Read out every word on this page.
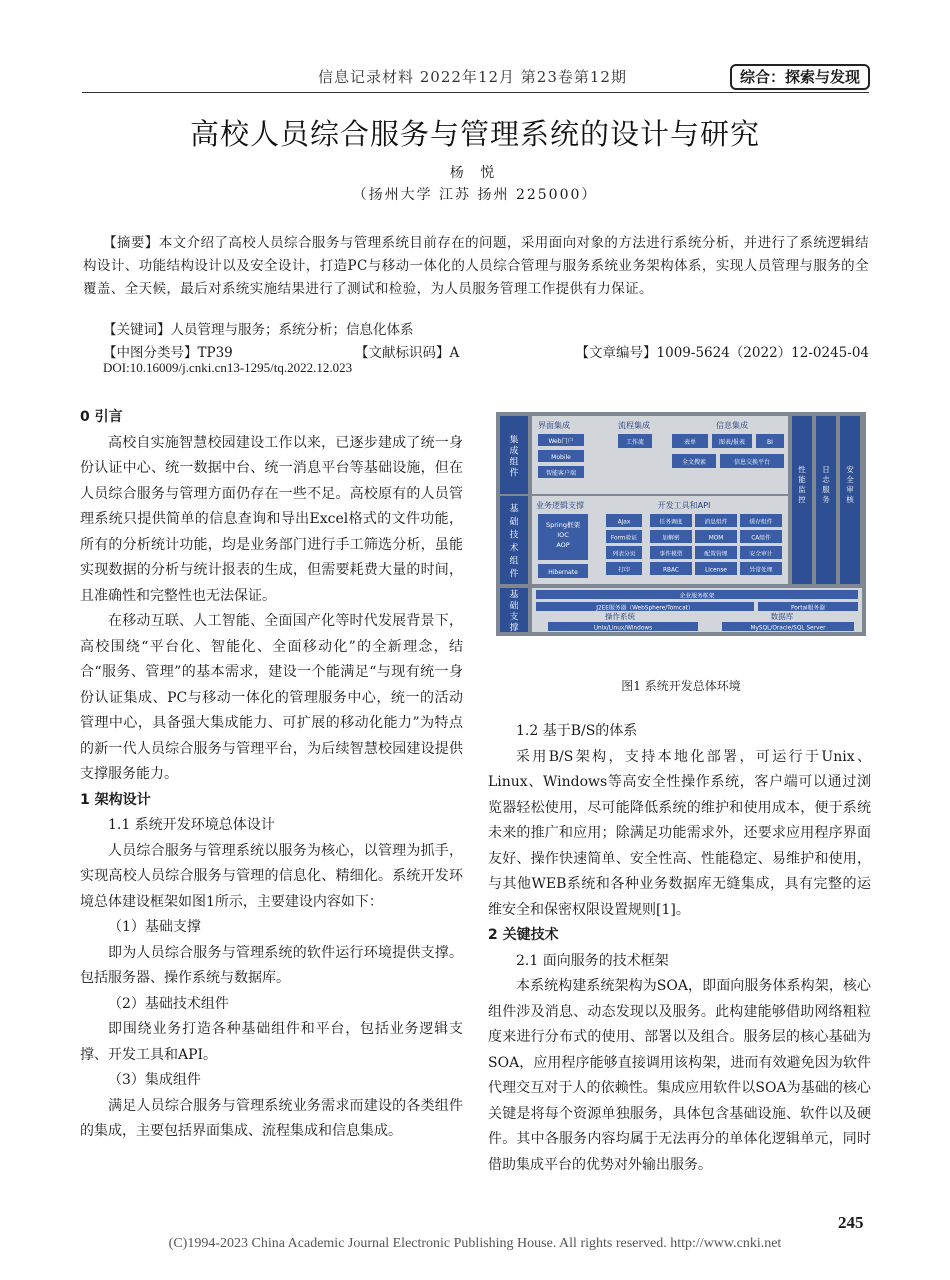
信息记录材料 2022年12月 第23卷第12期	综合：探索与发现
高校人员综合服务与管理系统的设计与研究
杨 悦
（扬州大学 江苏 扬州 225000）
【摘要】本文介绍了高校人员综合服务与管理系统目前存在的问题，采用面向对象的方法进行系统分析，并进行了系统逻辑结构设计、功能结构设计以及安全设计，打造PC与移动一体化的人员综合管理与服务系统业务架构体系，实现人员管理与服务的全覆盖、全天候，最后对系统实施结果进行了测试和检验，为人员服务管理工作提供有力保证。
【关键词】人员管理与服务；系统分析；信息化体系
【中图分类号】TP39	【文献标识码】A	【文章编号】1009-5624（2022）12-0245-04
DOI:10.16009/j.cnki.cn13-1295/tq.2022.12.023

0 引言

高校自实施智慧校园建设工作以来，已逐步建成了统一身份认证中心、统一数据中台、统一消息平台等基础设施，但在人员综合服务与管理方面仍存在一些不足。高校原有的人员管理系统只提供简单的信息查询和导出Excel格式的文件功能，所有的分析统计功能，均是业务部门进行手工筛选分析，虽能实现数据的分析与统计报表的生成，但需要耗费大量的时间，且准确性和完整性也无法保证。

在移动互联、人工智能、全面国产化等时代发展背景下，高校围绕“平台化、智能化、全面移动化”的全新理念，结合“服务、管理”的基本需求，建设一个能满足“与现有统一身份认证集成、PC与移动一体化的管理服务中心，统一的活动管理中心，具备强大集成能力、可扩展的移动化能力”为特点的新一代人员综合服务与管理平台，为后续智慧校园建设提供支撑服务能力。

1 架构设计

1.1 系统开发环境总体设计

人员综合服务与管理系统以服务为核心，以管理为抓手，实现高校人员综合服务与管理的信息化、精细化。系统开发环境总体建设框架如图1所示，主要建设内容如下：

（1）基础支撑

即为人员综合服务与管理系统的软件运行环境提供支撑。包括服务器、操作系统与数据库。

（2）基础技术组件

即围绕业务打造各种基础组件和平台，包括业务逻辑支撑、开发工具和API。

（3）集成组件

满足人员综合服务与管理系统业务需求而建设的各类组件的集成，主要包括界面集成、流程集成和信息集成。

1.2 基于B/S的体系

采用B/S架构，支持本地化部署，可运行于Unix、Linux、Windows等高安全性操作系统，客户端可以通过浏览器轻松使用，尽可能降低系统的维护和使用成本，便于系统未来的推广和应用；除满足功能需求外，还要求应用程序界面友好、操作快速简单、安全性高、性能稳定、易维护和使用，与其他WEB系统和各种业务数据库无缝集成，具有完整的运维安全和保密权限设置规则[1]。

2 关键技术

2.1 面向服务的技术框架

本系统构建系统架构为SOA，即面向服务体系构架，核心组件涉及消息、动态发现以及服务。此构建能够借助网络粗粒度来进行分布式的使用、部署以及组合。服务层的核心基础为SOA，应用程序能够直接调用该构架，进而有效避免因为软件代理交互对于人的依赖性。集成应用软件以SOA为基础的核心关键是将每个资源单独服务，具体包含基础设施、软件以及硬件。其中各服务内容均属于无法再分的单体化逻辑单元，同时借助集成平台的优势对外输出服务。

集成组件
基础技术组件
基础支撑
性能监控
日志服务
安全审核
界面集成
Web门户
Mobile
智能客户端
流程集成
工作流
信息集成
表单	图表/报表	BI
全文搜索	信息交换平台
业务逻辑支撑
Spring框架
IOC
AOP
Hibernate
开发工具和API
Ajax
Form验证
列表分页
打印
任务调度	消息组件	缓存组件
加解密	MOM	CA组件
事件模型	配置管理	安全审计
RBAC	License	异常处理
企业服务框架
J2EE服务器（WebSphere/Tomcat）	Portal服务器
操作系统
Unix/Linux/Windows
数据库
MySQL/Oracle/SQL Server
图1 系统开发总体环境
245
(C)1994-2023 China Academic Journal Electronic Publishing House. All rights reserved. http://www.cnki.net
